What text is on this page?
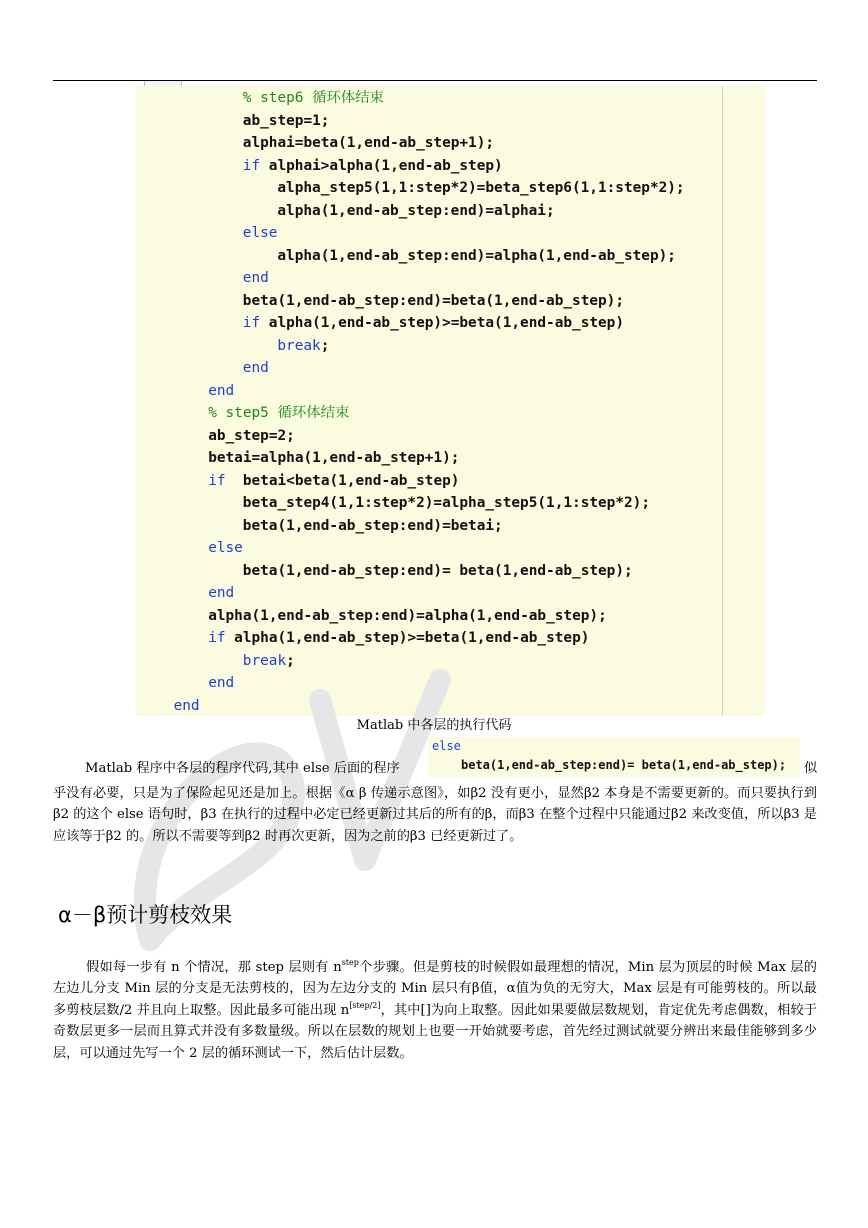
% step6 循环体结束
ab_step=1;
alphai=beta(1,end-ab_step+1);
if alphai>alpha(1,end-ab_step)
alpha_step5(1,1:step*2)=beta_step6(1,1:step*2);
alpha(1,end-ab_step:end)=alphai;
else
alpha(1,end-ab_step:end)=alpha(1,end-ab_step);
end
beta(1,end-ab_step:end)=beta(1,end-ab_step);
if alpha(1,end-ab_step)>=beta(1,end-ab_step)
break;
end
end
% step5 循环体结束
ab_step=2;
betai=alpha(1,end-ab_step+1);
if  betai<beta(1,end-ab_step)
beta_step4(1,1:step*2)=alpha_step5(1,1:step*2);
beta(1,end-ab_step:end)=betai;
else
beta(1,end-ab_step:end)= beta(1,end-ab_step);
end
alpha(1,end-ab_step:end)=alpha(1,end-ab_step);
if alpha(1,end-ab_step)>=beta(1,end-ab_step)
break;
end
end
Matlab 中各层的执行代码
else
beta(1,end-ab_step:end)= beta(1,end-ab_step);
Matlab 程序中各层的程序代码,其中 else 后面的程序	似

乎没有必要，只是为了保险起见还是加上。根据《α β 传递示意图》，如β2 没有更小，显然β2 本身是不需要更新的。而只要执行到β2 的这个 else 语句时，β3 在执行的过程中必定已经更新过其后的所有的β，而β3 在整个过程中只能通过β2 来改变值，所以β3 是应该等于β2 的。所以不需要等到β2 时再次更新，因为之前的β3 已经更新过了。

α－β预计剪枝效果

假如每一步有 n 个情况，那 step 层则有 $n^{step}$个步骤。但是剪枝的时候假如最理想的情况，Min 层为顶层的时候 Max 层的左边儿分支 Min 层的分支是无法剪枝的，因为左边分支的 Min 层只有β值，α值为负的无穷大，Max 层是有可能剪枝的。所以最多剪枝层数/2 并且向上取整。因此最多可能出现 n[step/2]，其中[]为向上取整。因此如果要做层数规划，肯定优先考虑偶数，相较于奇数层更多一层而且算式并没有多数量级。所以在层数的规划上也要一开始就要考虑，首先经过测试就要分辨出来最佳能够到多少层，可以通过先写一个 2 层的循环测试一下，然后估计层数。
